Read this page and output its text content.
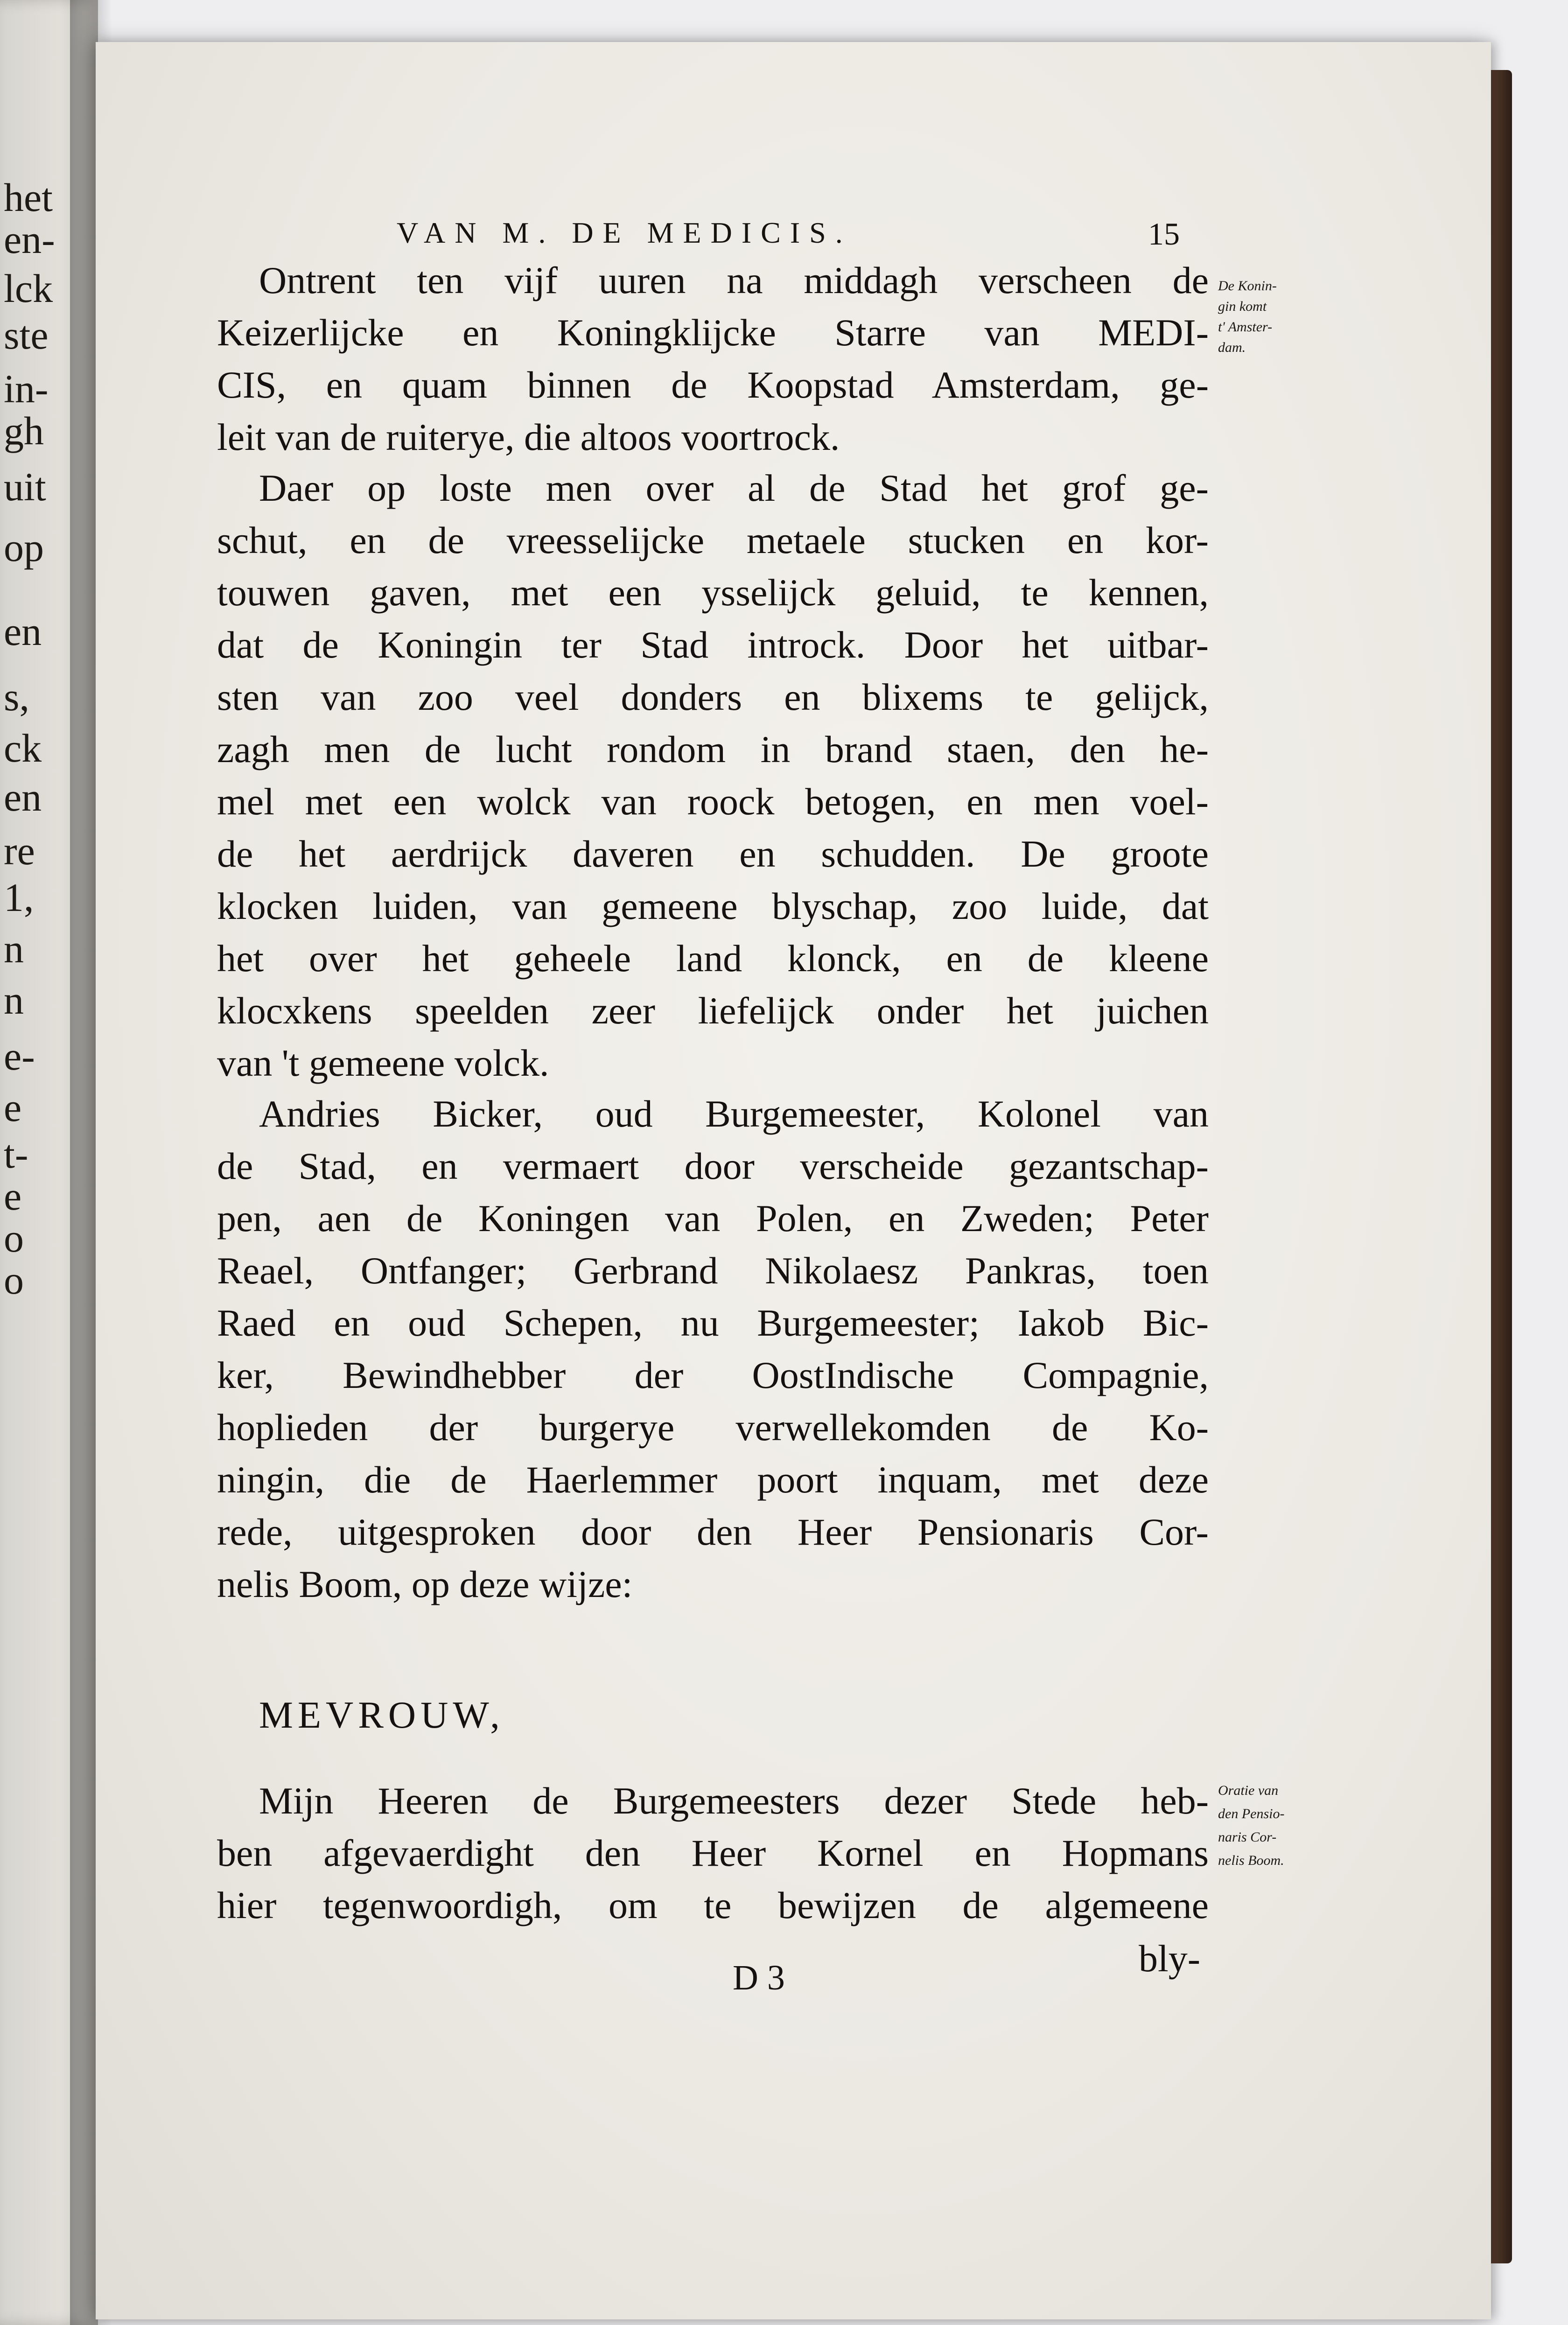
VAN M. DE MEDICIS.	15
Ontrent ten vijf uuren na middagh verscheen de
Keizerlijcke en Koningklijcke Starre van MEDI-
CIS, en quam binnen de Koopstad Amsterdam, ge-
leit van de ruiterye, die altoos voortrock.
Daer op loste men over al de Stad het grof ge-
schut, en de vreesselijcke metaele stucken en kor-
touwen gaven, met een ysselijck geluid, te kennen,
dat de Koningin ter Stad introck. Door het uitbar-
sten van zoo veel donders en blixems te gelijck,
zagh men de lucht rondom in brand staen, den he-
mel met een wolck van roock betogen, en men voel-
de het aerdrijck daveren en schudden. De groote
klocken luiden, van gemeene blyschap, zoo luide, dat
het over het geheele land klonck, en de kleene
klocxkens speelden zeer liefelijck onder het juichen
van 't gemeene volck.
Andries Bicker, oud Burgemeester, Kolonel van
de Stad, en vermaert door verscheide gezantschap-
pen, aen de Koningen van Polen, en Zweden; Peter
Reael, Ontfanger; Gerbrand Nikolaesz Pankras, toen
Raed en oud Schepen, nu Burgemeester; Iakob Bic-
ker, Bewindhebber der OostIndische Compagnie,
hoplieden der burgerye verwellekomden de Ko-
ningin, die de Haerlemmer poort inquam, met deze
rede, uitgesproken door den Heer Pensionaris Cor-
nelis Boom, op deze wijze:
MEVROUW,
Mijn Heeren de Burgemeesters dezer Stede heb-
ben afgevaerdight den Heer Kornel en Hopmans
hier tegenwoordigh, om te bewijzen de algemeene
De Konin-
gin komt
t' Amster-
dam.
Oratie van
den Pensio-
naris Cor-
nelis Boom.
D 3	bly-
het
en-
lck
ste
in-
gh
uit
op
en
s,
ck
en
re
1,
n
n
e-
e
t-
e
o
o
